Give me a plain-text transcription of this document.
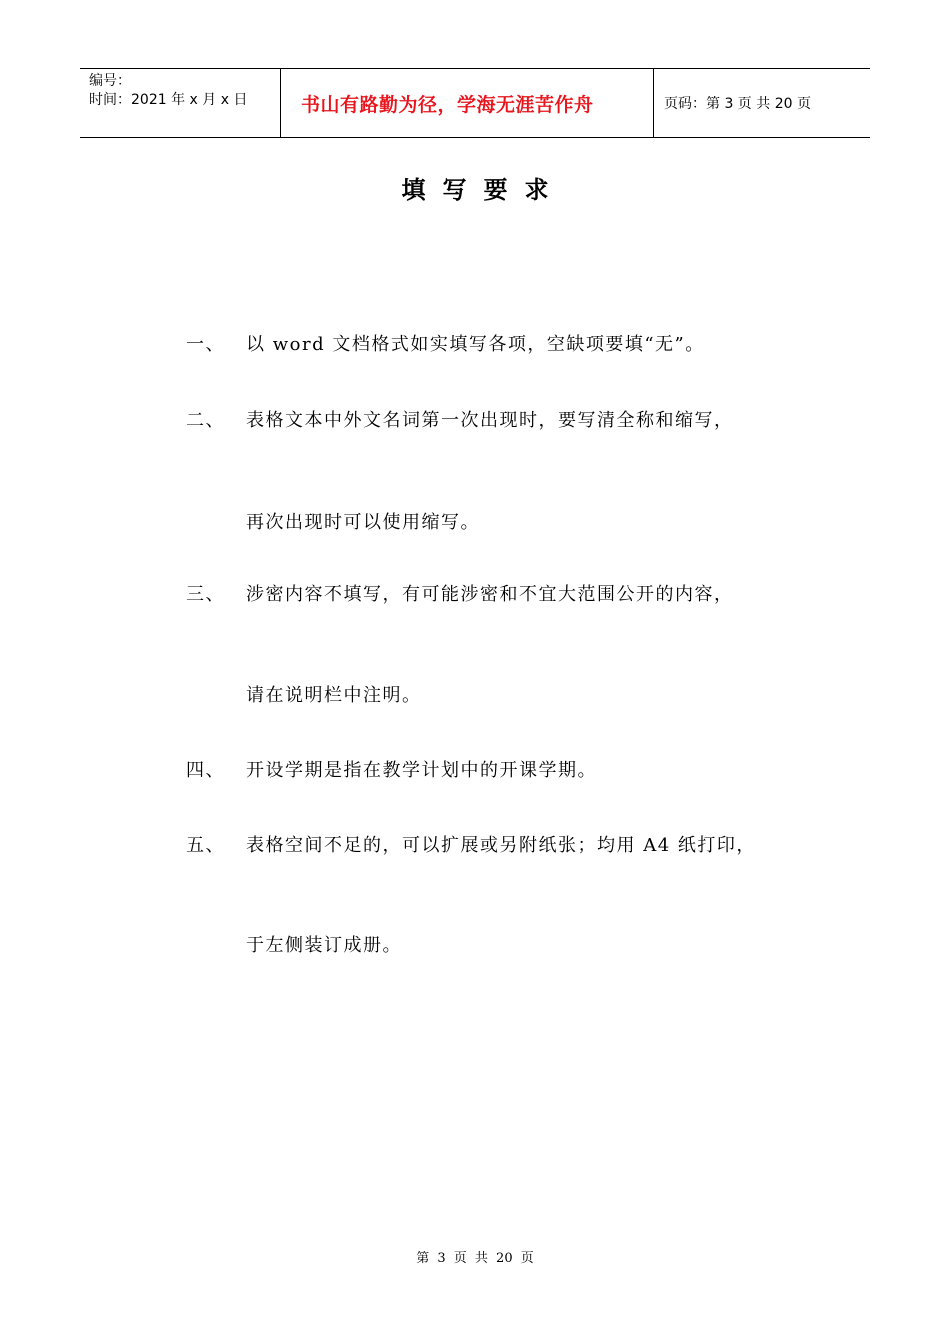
编号：
时间：2021 年 x 月 x 日	书山有路勤为径，学海无涯苦作舟	页码：第 3 页 共 20 页
填写要求
一、 以 word 文档格式如实填写各项，空缺项要填“无”。
二、 表格文本中外文名词第一次出现时，要写清全称和缩写，
再次出现时可以使用缩写。
三、 涉密内容不填写，有可能涉密和不宜大范围公开的内容，
请在说明栏中注明。
四、 开设学期是指在教学计划中的开课学期。
五、 表格空间不足的，可以扩展或另附纸张；均用 A4 纸打印，
于左侧装订成册。
第 3 页 共 20 页
